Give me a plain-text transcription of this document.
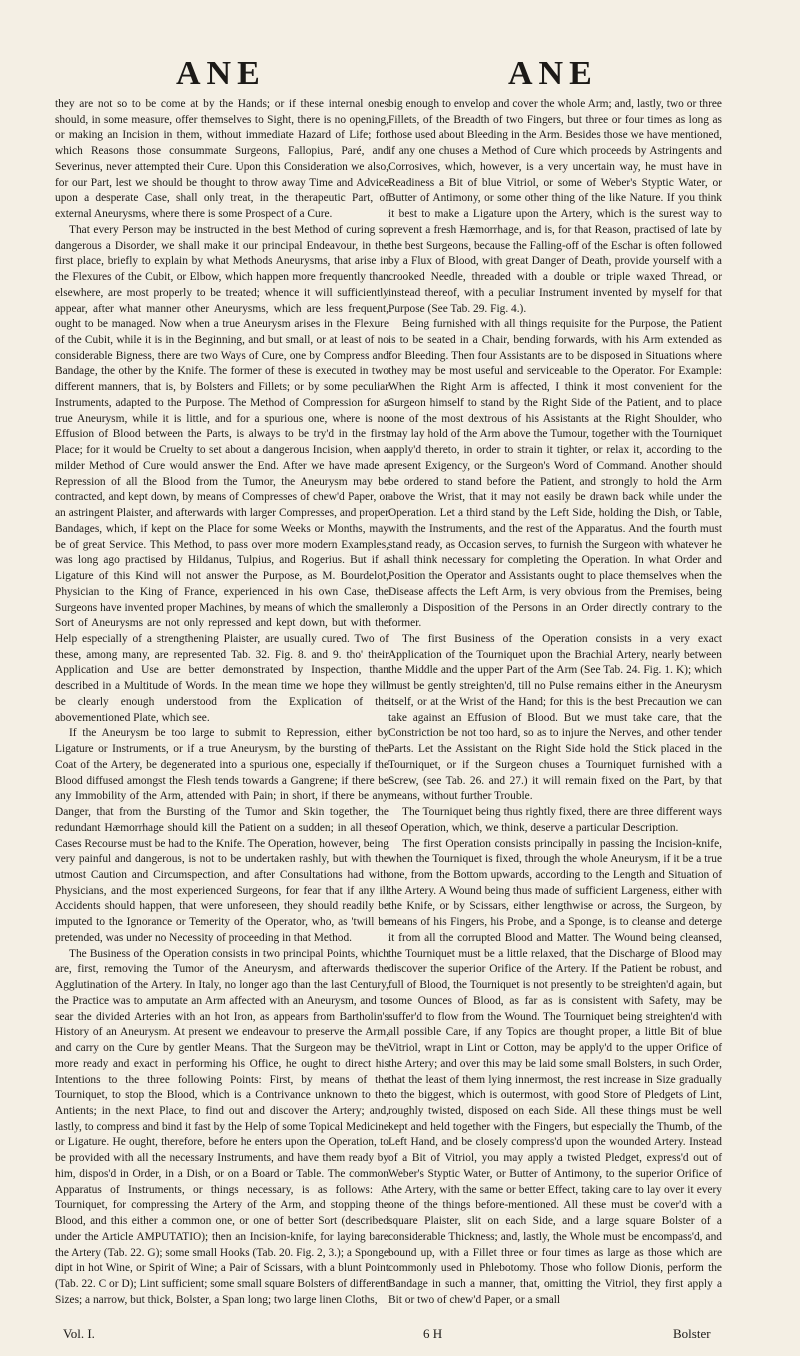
ANE	ANE

they are not so to be come at by the Hands; or if these internal ones should, in some measure, offer themselves to Sight, there is no opening, or making an Incision in them, without immediate Hazard of Life; for which Reasons those consummate Surgeons, Fallopius, Paré, and Severinus, never attempted their Cure. Upon this Consideration we also, for our Part, lest we should be thought to throw away Time and Advice upon a desperate Case, shall only treat, in the therapeutic Part, of external Aneurysms, where there is some Prospect of a Cure.

That every Person may be instructed in the best Method of curing so dangerous a Disorder, we shall make it our principal Endeavour, in the first place, briefly to explain by what Methods Aneurysms, that arise in the Flexures of the Cubit, or Elbow, which happen more frequently than elsewhere, are most properly to be treated; whence it will sufficiently appear, after what manner other Aneurysms, which are less frequent, ought to be managed. Now when a true Aneurysm arises in the Flexure of the Cubit, while it is in the Beginning, and but small, or at least of no considerable Bigness, there are two Ways of Cure, one by Compress and Bandage, the other by the Knife. The former of these is executed in two different manners, that is, by Bolsters and Fillets; or by some peculiar Instruments, adapted to the Purpose. The Method of Compression for a true Aneurysm, while it is little, and for a spurious one, where is no Effusion of Blood between the Parts, is always to be try'd in the first Place; for it would be Cruelty to set about a dangerous Incision, when a milder Method of Cure would answer the End. After we have made a Repression of all the Blood from the Tumor, the Aneurysm may be contracted, and kept down, by means of Compresses of chew'd Paper, or an astringent Plaister, and afterwards with larger Compresses, and proper Bandages, which, if kept on the Place for some Weeks or Months, may be of great Service. This Method, to pass over more modern Examples, was long ago practised by Hildanus, Tulpius, and Rogerius. But if a Ligature of this Kind will not answer the Purpose, as M. Bourdelot, Physician to the King of France, experienced in his own Case, the Surgeons have invented proper Machines, by means of which the smaller Sort of Aneurysms are not only repressed and kept down, but with the Help especially of a strengthening Plaister, are usually cured. Two of these, among many, are represented Tab. 32. Fig. 8. and 9. tho' their Application and Use are better demonstrated by Inspection, than described in a Multitude of Words. In the mean time we hope they will be clearly enough understood from the Explication of the abovementioned Plate, which see.

If the Aneurysm be too large to submit to Repression, either by Ligature or Instruments, or if a true Aneurysm, by the bursting of the Coat of the Artery, be degenerated into a spurious one, especially if the Blood diffused amongst the Flesh tends towards a Gangrene; if there be any Immobility of the Arm, attended with Pain; in short, if there be any Danger, that from the Bursting of the Tumor and Skin together, the redundant Hæmorrhage should kill the Patient on a sudden; in all these Cases Recourse must be had to the Knife. The Operation, however, being very painful and dangerous, is not to be undertaken rashly, but with the utmost Caution and Circumspection, and after Consultations had with Physicians, and the most experienced Surgeons, for fear that if any ill Accidents should happen, that were unforeseen, they should readily be imputed to the Ignorance or Temerity of the Operator, who, as 'twill be pretended, was under no Necessity of proceeding in that Method.

The Business of the Operation consists in two principal Points, which are, first, removing the Tumor of the Aneurysm, and afterwards the Agglutination of the Artery. In Italy, no longer ago than the last Century, the Practice was to amputate an Arm affected with an Aneurysm, and to sear the divided Arteries with an hot Iron, as appears from Bartholin's History of an Aneurysm. At present we endeavour to preserve the Arm, and carry on the Cure by gentler Means. That the Surgeon may be the more ready and exact in performing his Office, he ought to direct his Intentions to the three following Points: First, by means of the Tourniquet, to stop the Blood, which is a Contrivance unknown to the Antients; in the next Place, to find out and discover the Artery; and, lastly, to compress and bind it fast by the Help of some Topical Medicine or Ligature. He ought, therefore, before he enters upon the Operation, to be provided with all the necessary Instruments, and have them ready by him, dispos'd in Order, in a Dish, or on a Board or Table. The common Apparatus of Instruments, or things necessary, is as follows: A Tourniquet, for compressing the Artery of the Arm, and stopping the Blood, and this either a common one, or one of better Sort (described under the Article AMPUTATIO); then an Incision-knife, for laying bare the Artery (Tab. 22. G); some small Hooks (Tab. 20. Fig. 2, 3.); a Sponge dipt in hot Wine, or Spirit of Wine; a Pair of Scissars, with a blunt Point (Tab. 22. C or D); Lint sufficient; some small square Bolsters of different Sizes; a narrow, but thick, Bolster, a Span long; two large linen Cloths,

big enough to envelop and cover the whole Arm; and, lastly, two or three Fillets, of the Breadth of two Fingers, but three or four times as long as those used about Bleeding in the Arm. Besides those we have mentioned, if any one chuses a Method of Cure which proceeds by Astringents and Corrosives, which, however, is a very uncertain way, he must have in Readiness a Bit of blue Vitriol, or some of Weber's Styptic Water, or Butter of Antimony, or some other thing of the like Nature. If you think it best to make a Ligature upon the Artery, which is the surest way to prevent a fresh Hæmorrhage, and is, for that Reason, practised of late by the best Surgeons, because the Falling-off of the Eschar is often followed by a Flux of Blood, with great Danger of Death, provide yourself with a crooked Needle, threaded with a double or triple waxed Thread, or instead thereof, with a peculiar Instrument invented by myself for that Purpose (See Tab. 29. Fig. 4.).

Being furnished with all things requisite for the Purpose, the Patient is to be seated in a Chair, bending forwards, with his Arm extended as for Bleeding. Then four Assistants are to be disposed in Situations where they may be most useful and serviceable to the Operator. For Example: When the Right Arm is affected, I think it most convenient for the Surgeon himself to stand by the Right Side of the Patient, and to place one of the most dextrous of his Assistants at the Right Shoulder, who may lay hold of the Arm above the Tumour, together with the Tourniquet apply'd thereto, in order to strain it tighter, or relax it, according to the present Exigency, or the Surgeon's Word of Command. Another should be ordered to stand before the Patient, and strongly to hold the Arm above the Wrist, that it may not easily be drawn back while under the Operation. Let a third stand by the Left Side, holding the Dish, or Table, with the Instruments, and the rest of the Apparatus. And the fourth must stand ready, as Occasion serves, to furnish the Surgeon with whatever he shall think necessary for completing the Operation. In what Order and Position the Operator and Assistants ought to place themselves when the Disease affects the Left Arm, is very obvious from the Premises, being only a Disposition of the Persons in an Order directly contrary to the former.

The first Business of the Operation consists in a very exact Application of the Tourniquet upon the Brachial Artery, nearly between the Middle and the upper Part of the Arm (See Tab. 24. Fig. 1. K); which must be gently streighten'd, till no Pulse remains either in the Aneurysm itself, or at the Wrist of the Hand; for this is the best Precaution we can take against an Effusion of Blood. But we must take care, that the Constriction be not too hard, so as to injure the Nerves, and other tender Parts. Let the Assistant on the Right Side hold the Stick placed in the Tourniquet, or if the Surgeon chuses a Tourniquet furnished with a Screw, (see Tab. 26. and 27.) it will remain fixed on the Part, by that means, without further Trouble.

The Tourniquet being thus rightly fixed, there are three different ways of Operation, which, we think, deserve a particular Description.

The first Operation consists principally in passing the Incision-knife, when the Tourniquet is fixed, through the whole Aneurysm, if it be a true one, from the Bottom upwards, according to the Length and Situation of the Artery. A Wound being thus made of sufficient Largeness, either with the Knife, or by Scissars, either lengthwise or across, the Surgeon, by means of his Fingers, his Probe, and a Sponge, is to cleanse and deterge it from all the corrupted Blood and Matter. The Wound being cleansed, the Tourniquet must be a little relaxed, that the Discharge of Blood may discover the superior Orifice of the Artery. If the Patient be robust, and full of Blood, the Tourniquet is not presently to be streighten'd again, but some Ounces of Blood, as far as is consistent with Safety, may be suffer'd to flow from the Wound. The Tourniquet being streighten'd with all possible Care, if any Topics are thought proper, a little Bit of blue Vitriol, wrapt in Lint or Cotton, may be apply'd to the upper Orifice of the Artery; and over this may be laid some small Bolsters, in such Order, that the least of them lying innermost, the rest increase in Size gradually to the biggest, which is outermost, with good Store of Pledgets of Lint, roughly twisted, disposed on each Side. All these things must be well kept and held together with the Fingers, but especially the Thumb, of the Left Hand, and be closely compress'd upon the wounded Artery. Instead of a Bit of Vitriol, you may apply a twisted Pledget, express'd out of Weber's Styptic Water, or Butter of Antimony, to the superior Orifice of the Artery, with the same or better Effect, taking care to lay over it every one of the things before-mentioned. All these must be cover'd with a square Plaister, slit on each Side, and a large square Bolster of a considerable Thickness; and, lastly, the Whole must be encompass'd, and bound up, with a Fillet three or four times as large as those which are commonly used in Phlebotomy. Those who follow Dionis, perform the Bandage in such a manner, that, omitting the Vitriol, they first apply a Bit or two of chew'd Paper, or a small

Vol. I.	6 H	Bolster
